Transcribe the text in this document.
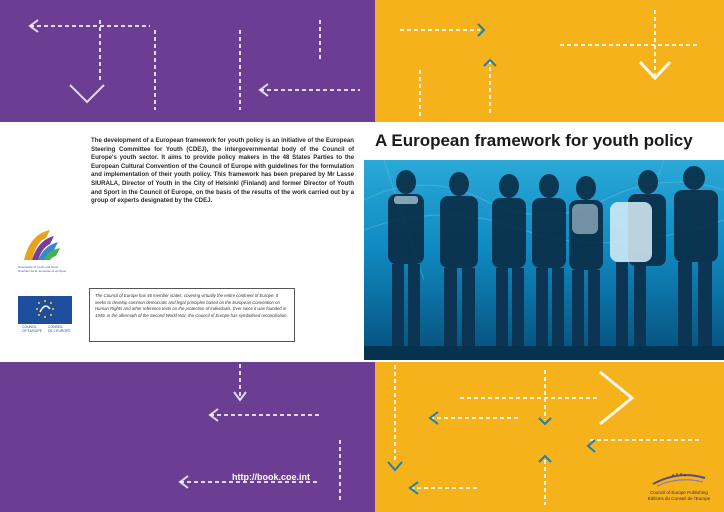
The development of a European framework for youth policy is an initiative of the European Steering Committee for Youth (CDEJ), the intergovernmental body of the Council of Europe's youth sector. It aims to provide policy makers in the 48 States Parties to the European Cultural Convention of the Council of Europe with guidelines for the formulation and implementation of their youth policy. This framework has been prepared by Mr Lasse SIURALA, Director of Youth in the City of Helsinki (Finland) and former Director of Youth and Sport in the Council of Europe, on the basis of the results of the work carried out by a group of experts designated by the CDEJ.
The Council of Europe has 46 member states, covering virtually the entire continent of Europe. It seeks to develop common democratic and legal principles based on the European Convention on Human Rights and other reference texts on the protection of individuals. Ever since it was founded in 1949, in the aftermath of the Second World War, the Council of Europe has symbolised reconciliation.
Directorate of Youth and Sport
Direction de la Jeunesse et du Sport
COUNCIL	CONSEIL
OF EUROPE DE L'EUROPE
A European framework for youth policy
http://book.coe.int
Council of Europe Publishing
Editions du Conseil de l'Europe
